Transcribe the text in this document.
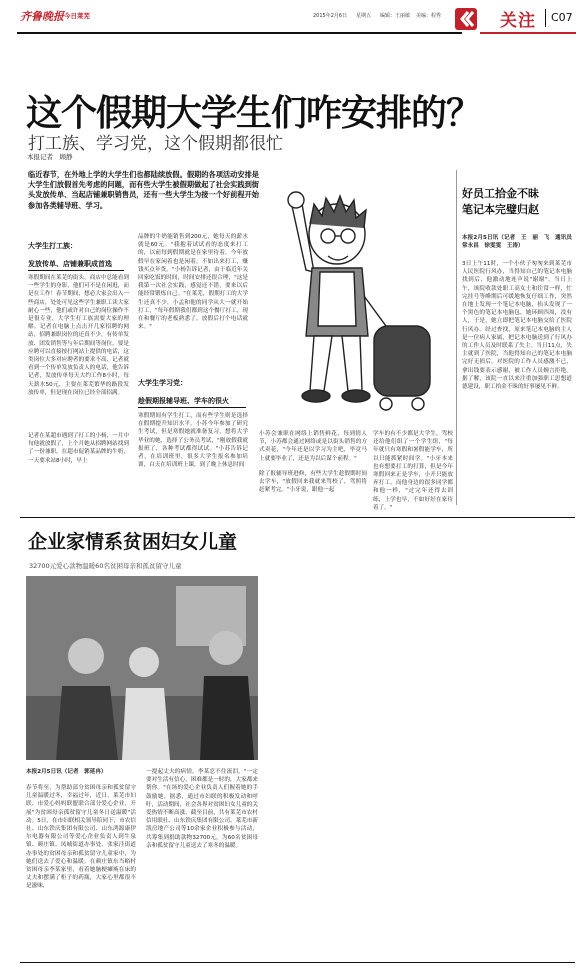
齐鲁晚报 今日莱芜	2015年2月6日 星期五 编辑：王丽敏 美编：程秀	关注 C07
这个假期大学生们咋安排的？
打工族、学习党，这个假期都很忙
本报记者　顾静

临近春节，在外地上学的大学生们也都陆续放假。假期的各项活动安排是大学生们放假首先考虑的问题，而有些大学生被假期做起了社会实践到街头发放传单、当起店铺兼职销售员，还有一些大学生为接一个好前程开始参加各类辅导班、学习。

大学生打工族：
发放传单、店铺兼职成首选

寒假期间在莱芜的街头，商店中总能看到一些学生的身影，他们可不是在闲逛，而是在工作！春节期间，想必大家会出入一些商店，处处可见这些学生兼职工读大家耐心一些，他们或许对自己的岗位操作不是很专业，大学生打工族需要大家的理解。记者在电脑上点击开几家招聘的网站，招聘兼职岗位的还真不少，有传单发放、团发销售等与年后期间等岗位。要是应聘可以直接按打网站上提供的电话，这类岗位大多对应聘者的要求不高，记者就看到一个传单发放负责人的电话，他告诉记者，发放传单每天大约工作8小时，每天薪水50元，主要在莱芜繁华的路段发放传单，但是现在岗位已经全部招满。

记者在某超市遇到了打工的小杨，一月中旬他就放假了，上个月她从招聘网站找到了一份兼职，在超市促销某品牌的牛奶，一天要求站8小时，早上

品牌的牛奶能销售到200元，她每天的薪水就是60元。"我抱着试试看的态度来打工的，以前每到假期就是在家里待着，今年放假早在家闲着也是闲着，不如出来打工，赚钱买点年货。"小杨告诉记者，由于临近年关回家吃饭的时间，时间安排还很合理，"这是我第一次社会实践，感觉还不错，要来以后能经常锻炼自己。"在莱芜，假期打工的大学生还真不少，小孟和他的同学从大一就开始打工，"每年假期我们都到这个餐厅打工，现在和餐厅的老板熟悉了，放假后打个电话就来。"

大学生学习党：
趁假期报辅导班、学车的很火

寒假期间有学生打工，而有些学生则是选择在假期提升知识水平。小苏今年参加了研究生考试，但是寒假她就准备复习，想将大学毕业的她，选择了公务员考试，"刚放假我就报班了，各种考试都得试试。"小苏告诉记者，在培训班里，很多大学生报名参加培训，白天在培训班上课，到了晚上休息时间

小苏会兼职在网络上销售鲜花，每到情人节，小苏都会通过网络或是以街头销售的方式卖花，"今年还是以学习为主吧，毕竟马上就要毕业了，还是为以后谋个前程。"

除了报辅导班进修，有些大学生趁假期时间去学车，"放假回来我就来驾校了，驾照将赶紧考完。"小牙说，跟他一起

学车的有不少都是大学生，驾校还给他们组了一个学生组，"每年就只有寒假和暑假能学车，所以只能抓紧时间学。"小牙本来也有想要打工的打算，但是今年寒假回来正是学车，小开只能放弃打工，而他身边的很多同学都和他一样，"过完年还得去训练，上学也早，不如好好在家待着了。"

好员工拾金不昧
笔记本完璧归赵

本报2月5日讯（记者　王　丽　飞　通讯员　常永昌　徐雯雯　王涛）

3日上午11时，一个小伙子匆匆来到莱芜市人民医院行风办，当得知自己的笔记本电脑找到后，他激动地连声说"谢谢"。当日上午，该院收款处职工高女士和往常一样，忙完挂号等峰期后可缓地恢复仔细工作，突然在地上发现一个笔记本电脑，抬头发现了一个黑色的笔记本电脑包，她环顾四周，没有人，于是，她立即把笔记本电脑交给了医院行风办。经过查找，原来笔记本电脑的主人是一位病人家属，把记本电脑送到了行风办的工作人员及时联系了失主。当日11点，失主就到了医院，当他得知自己的笔记本电脑完好无损后，对医院的工作人员感激不已，拿出钱要表示感谢，被工作人员婉言拒绝。据了解，该院一直以来注重加强职工思想道德建设，职工拾金不昧的好事屡见不鲜。

企业家情系贫困妇女儿童
32700元爱心款物温暖60名贫困母亲和孤贫留守儿童

本报2月5日讯（记者　郭延冉）

春节将至，为帮助部分贫困母亲和孤贫留守儿童温暖过冬，幸福过年，近日，莱芜市妇联、市爱心妈妈联盟联合部分爱心企业，开展"为贫困母亲孤贫留守儿童冬日送温暖"活动。5日，在市妇联相关领导陪同下，市农信社、山东铁庆集团有限公司、山东鸿源康伊尔电器有限公司等爱心企业负责人到牛泉镇、颜庄镇、凤城街道办事处、张家洼街道办事处的贫困母亲和孤贫留守儿童家中，为她们送去了爱心和温暖。在颜庄镇东当峪村贫困母亲李某家里，看着她脑梗瘫痪在床的丈夫和摆满了柜子的药瓶，大家心里都很不是滋味，

一提起丈夫的病情，李某忍不住流泪。"一定要对生活有信心，困难都是一时的，大家都来帮你。"在场的爱心企业负责人们握着她的手鼓励她。据悉，通过市妇联的积极发动和呼吁，活动期间，社会各界对贫困妇女儿童的关爱热情不断高涨，截至目前，共有莱芜市农村信用联社、山东铁庆集团有限公司、莱芜市新凯房地产公司等10余家企业积极参与活动，共筹集到捐助款物32700元，为60名贫困母亲和孤贫留守儿童送去了寒冬的温暖。
